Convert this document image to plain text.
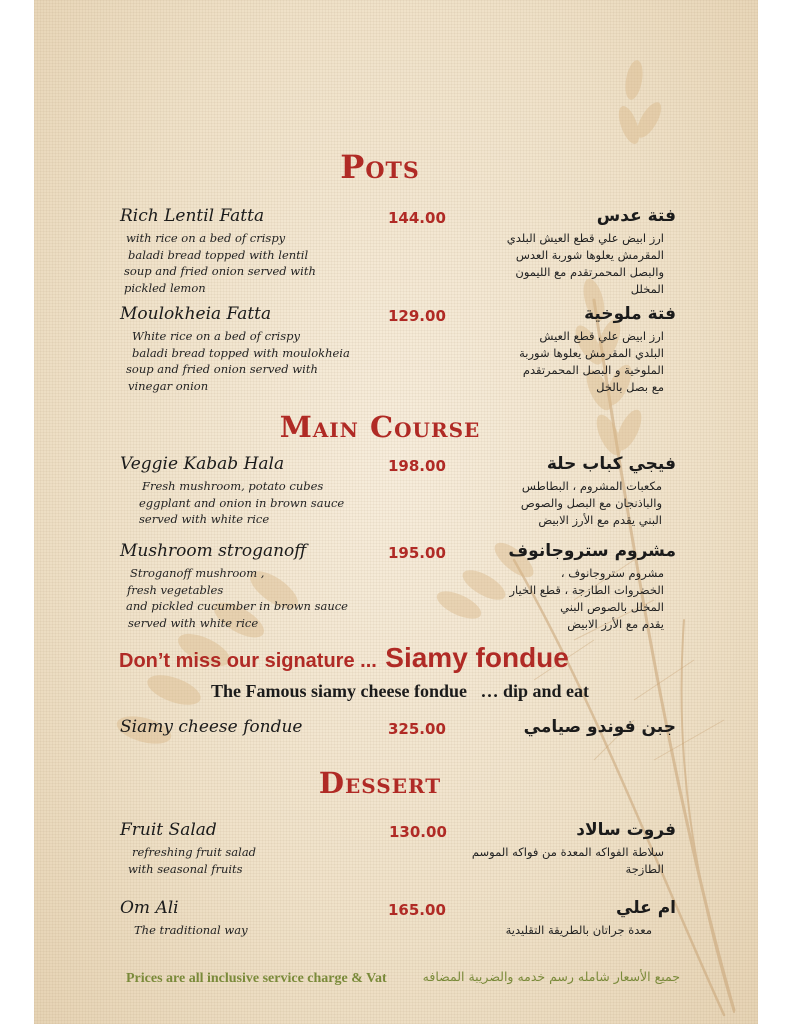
Pots
Rich Lentil Fatta	144.00	فتة عدس
with rice on a bed of crispy
baladi bread topped with lentil
soup and fried onion served with
pickled lemon
ارز ابيض علي قطع العيش البلدي
المقرمش يعلوها شوربة العدس
والبصل المحمرتقدم مع الليمون
المخلل
Moulokheia Fatta	129.00	فتة ملوخية
White rice on a bed of crispy
baladi bread topped with moulokheia
soup and fried onion served with
vinegar onion
ارز ابيض علي قطع العيش
البلدي المقرمش يعلوها شوربة
الملوخية و البصل المحمرتقدم
مع بصل بالخل
Main Course
Veggie Kabab Hala	198.00	فيجي كباب حلة
Fresh mushroom, potato cubes
eggplant and onion in brown sauce
served with white rice
مكعبات المشروم ، البطاطس
والباذنجان مع البصل والصوص
البني يقدم مع الأرز الابيض
Mushroom stroganoff	195.00	مشروم ستروجانوف
Stroganoff mushroom ,
fresh vegetables
and pickled cucumber in brown sauce
served with white rice
مشروم ستروجانوف ،
الخضروات الطازجة ، قطع الخيار
المخلل بالصوص البني
يقدم مع الأرز الابيض
Don’t miss our signature ... Siamy fondue
The Famous siamy cheese fondue   … dip and eat
Siamy cheese fondue	325.00	جبن فوندو صيامي
Dessert
Fruit Salad	130.00	فروت سالاد
refreshing fruit salad
with seasonal fruits
سلاطة الفواكه المعدة من فواكه الموسم
الطازجة
Om Ali	165.00	ام علي
The traditional way	معدة جراتان بالطريقة التقليدية
Prices are all inclusive service charge & Vat	جميع الأسعار شامله رسم خدمه والضريبة المضافه
